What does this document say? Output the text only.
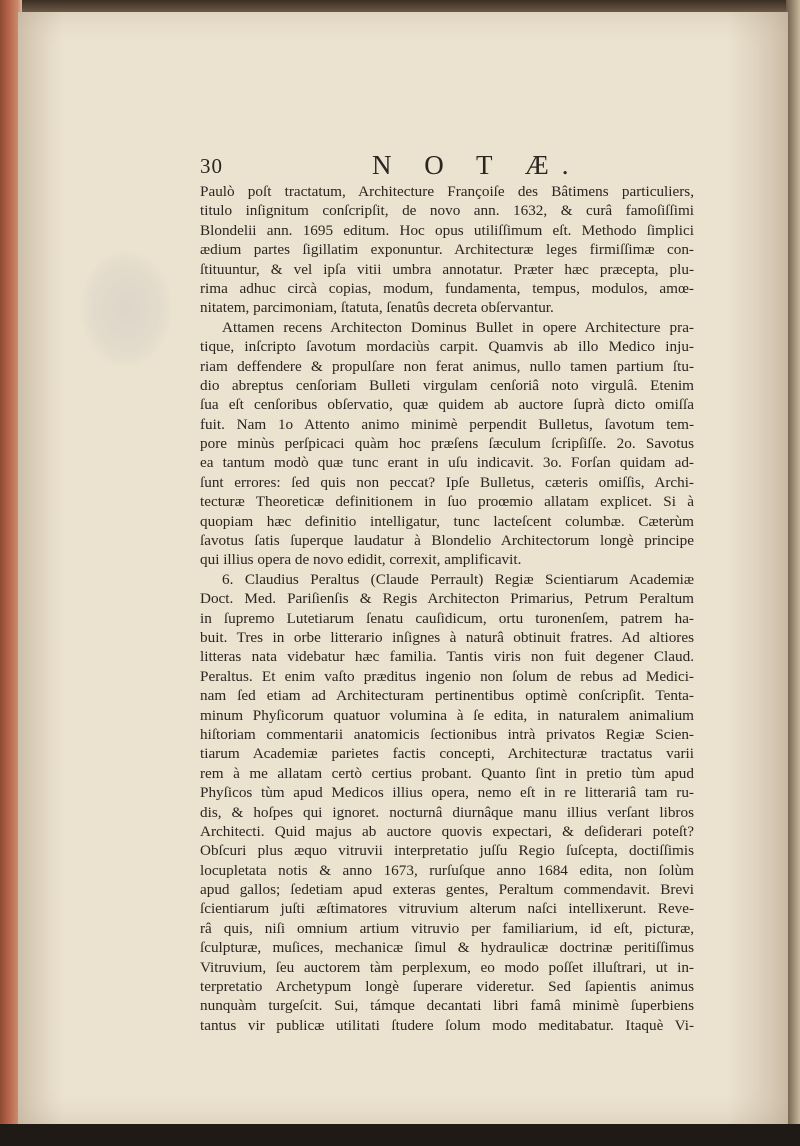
30	N O T Æ.
Paulò poſt tractatum, Architecture Françoiſe des Bâtimens particuliers,
titulo inſignitum conſcripſit, de novo ann. 1632, & curâ famoſiſſimi
Blondelii ann. 1695 editum. Hoc opus utiliſſimum eſt. Methodo ſimplici
ædium partes ſigillatim exponuntur. Architecturæ leges firmiſſimæ con-
ſtituuntur, & vel ipſa vitii umbra annotatur. Præter hæc præcepta, plu-
rima adhuc circà copias, modum, fundamenta, tempus, modulos, amœ-
nitatem, parcimoniam, ſtatuta, ſenatûs decreta obſervantur.
Attamen recens Architecton Dominus Bullet in opere Architecture pra-
tique, inſcripto ſavotum mordaciùs carpit. Quamvis ab illo Medico inju-
riam deffendere & propulſare non ferat animus, nullo tamen partium ſtu-
dio abreptus cenſoriam Bulleti virgulam cenſoriâ noto virgulâ. Etenim
ſua eſt cenſoribus obſervatio, quæ quidem ab auctore ſuprà dicto omiſſa
fuit. Nam 1o Attento animo minimè perpendit Bulletus, ſavotum tem-
pore minùs perſpicaci quàm hoc præſens ſæculum ſcripſiſſe. 2o. Savotus
ea tantum modò quæ tunc erant in uſu indicavit. 3o. Forſan quidam ad-
ſunt errores: ſed quis non peccat? Ipſe Bulletus, cæteris omiſſis, Archi-
tecturæ Theoreticæ definitionem in ſuo proœmio allatam explicet. Si à
quopiam hæc definitio intelligatur, tunc lacteſcent columbæ. Cæterùm
ſavotus ſatis ſuperque laudatur à Blondelio Architectorum longè principe
qui illius opera de novo edidit, correxit, amplificavit.
6. Claudius Peraltus (Claude Perrault) Regiæ Scientiarum Academiæ
Doct. Med. Pariſienſis & Regis Architecton Primarius, Petrum Peraltum
in ſupremo Lutetiarum ſenatu cauſidicum, ortu turonenſem, patrem ha-
buit. Tres in orbe litterario inſignes à naturâ obtinuit fratres. Ad altiores
litteras nata videbatur hæc familia. Tantis viris non fuit degener Claud.
Peraltus. Et enim vaſto præditus ingenio non ſolum de rebus ad Medici-
nam ſed etiam ad Architecturam pertinentibus optimè conſcripſit. Tenta-
minum Phyſicorum quatuor volumina à ſe edita, in naturalem animalium
hiſtoriam commentarii anatomicis ſectionibus intrà privatos Regiæ Scien-
tiarum Academiæ parietes factis concepti, Architecturæ tractatus varii
rem à me allatam certò certius probant. Quanto ſint in pretio tùm apud
Phyſicos tùm apud Medicos illius opera, nemo eſt in re litterariâ tam ru-
dis, & hoſpes qui ignoret. nocturnâ diurnâque manu illius verſant libros
Architecti. Quid majus ab auctore quovis expectari, & deſiderari poteſt?
Obſcuri plus æquo vitruvii interpretatio juſſu Regio ſuſcepta, doctiſſimis
locupletata notis & anno 1673, rurſuſque anno 1684 edita, non ſolùm
apud gallos; ſedetiam apud exteras gentes, Peraltum commendavit. Brevi
ſcientiarum juſti æſtimatores vitruvium alterum naſci intellixerunt. Reve-
râ quis, niſi omnium artium vitruvio per familiarium, id eſt, picturæ,
ſculpturæ, muſices, mechanicæ ſimul & hydraulicæ doctrinæ peritiſſimus
Vitruvium, ſeu auctorem tàm perplexum, eo modo poſſet illuſtrari, ut in-
terpretatio Archetypum longè ſuperare videretur. Sed ſapientis animus
nunquàm turgeſcit. Sui, támque decantati libri famâ minimè ſuperbiens
tantus vir publicæ utilitati ſtudere ſolum modo meditabatur. Itaquè Vi-
